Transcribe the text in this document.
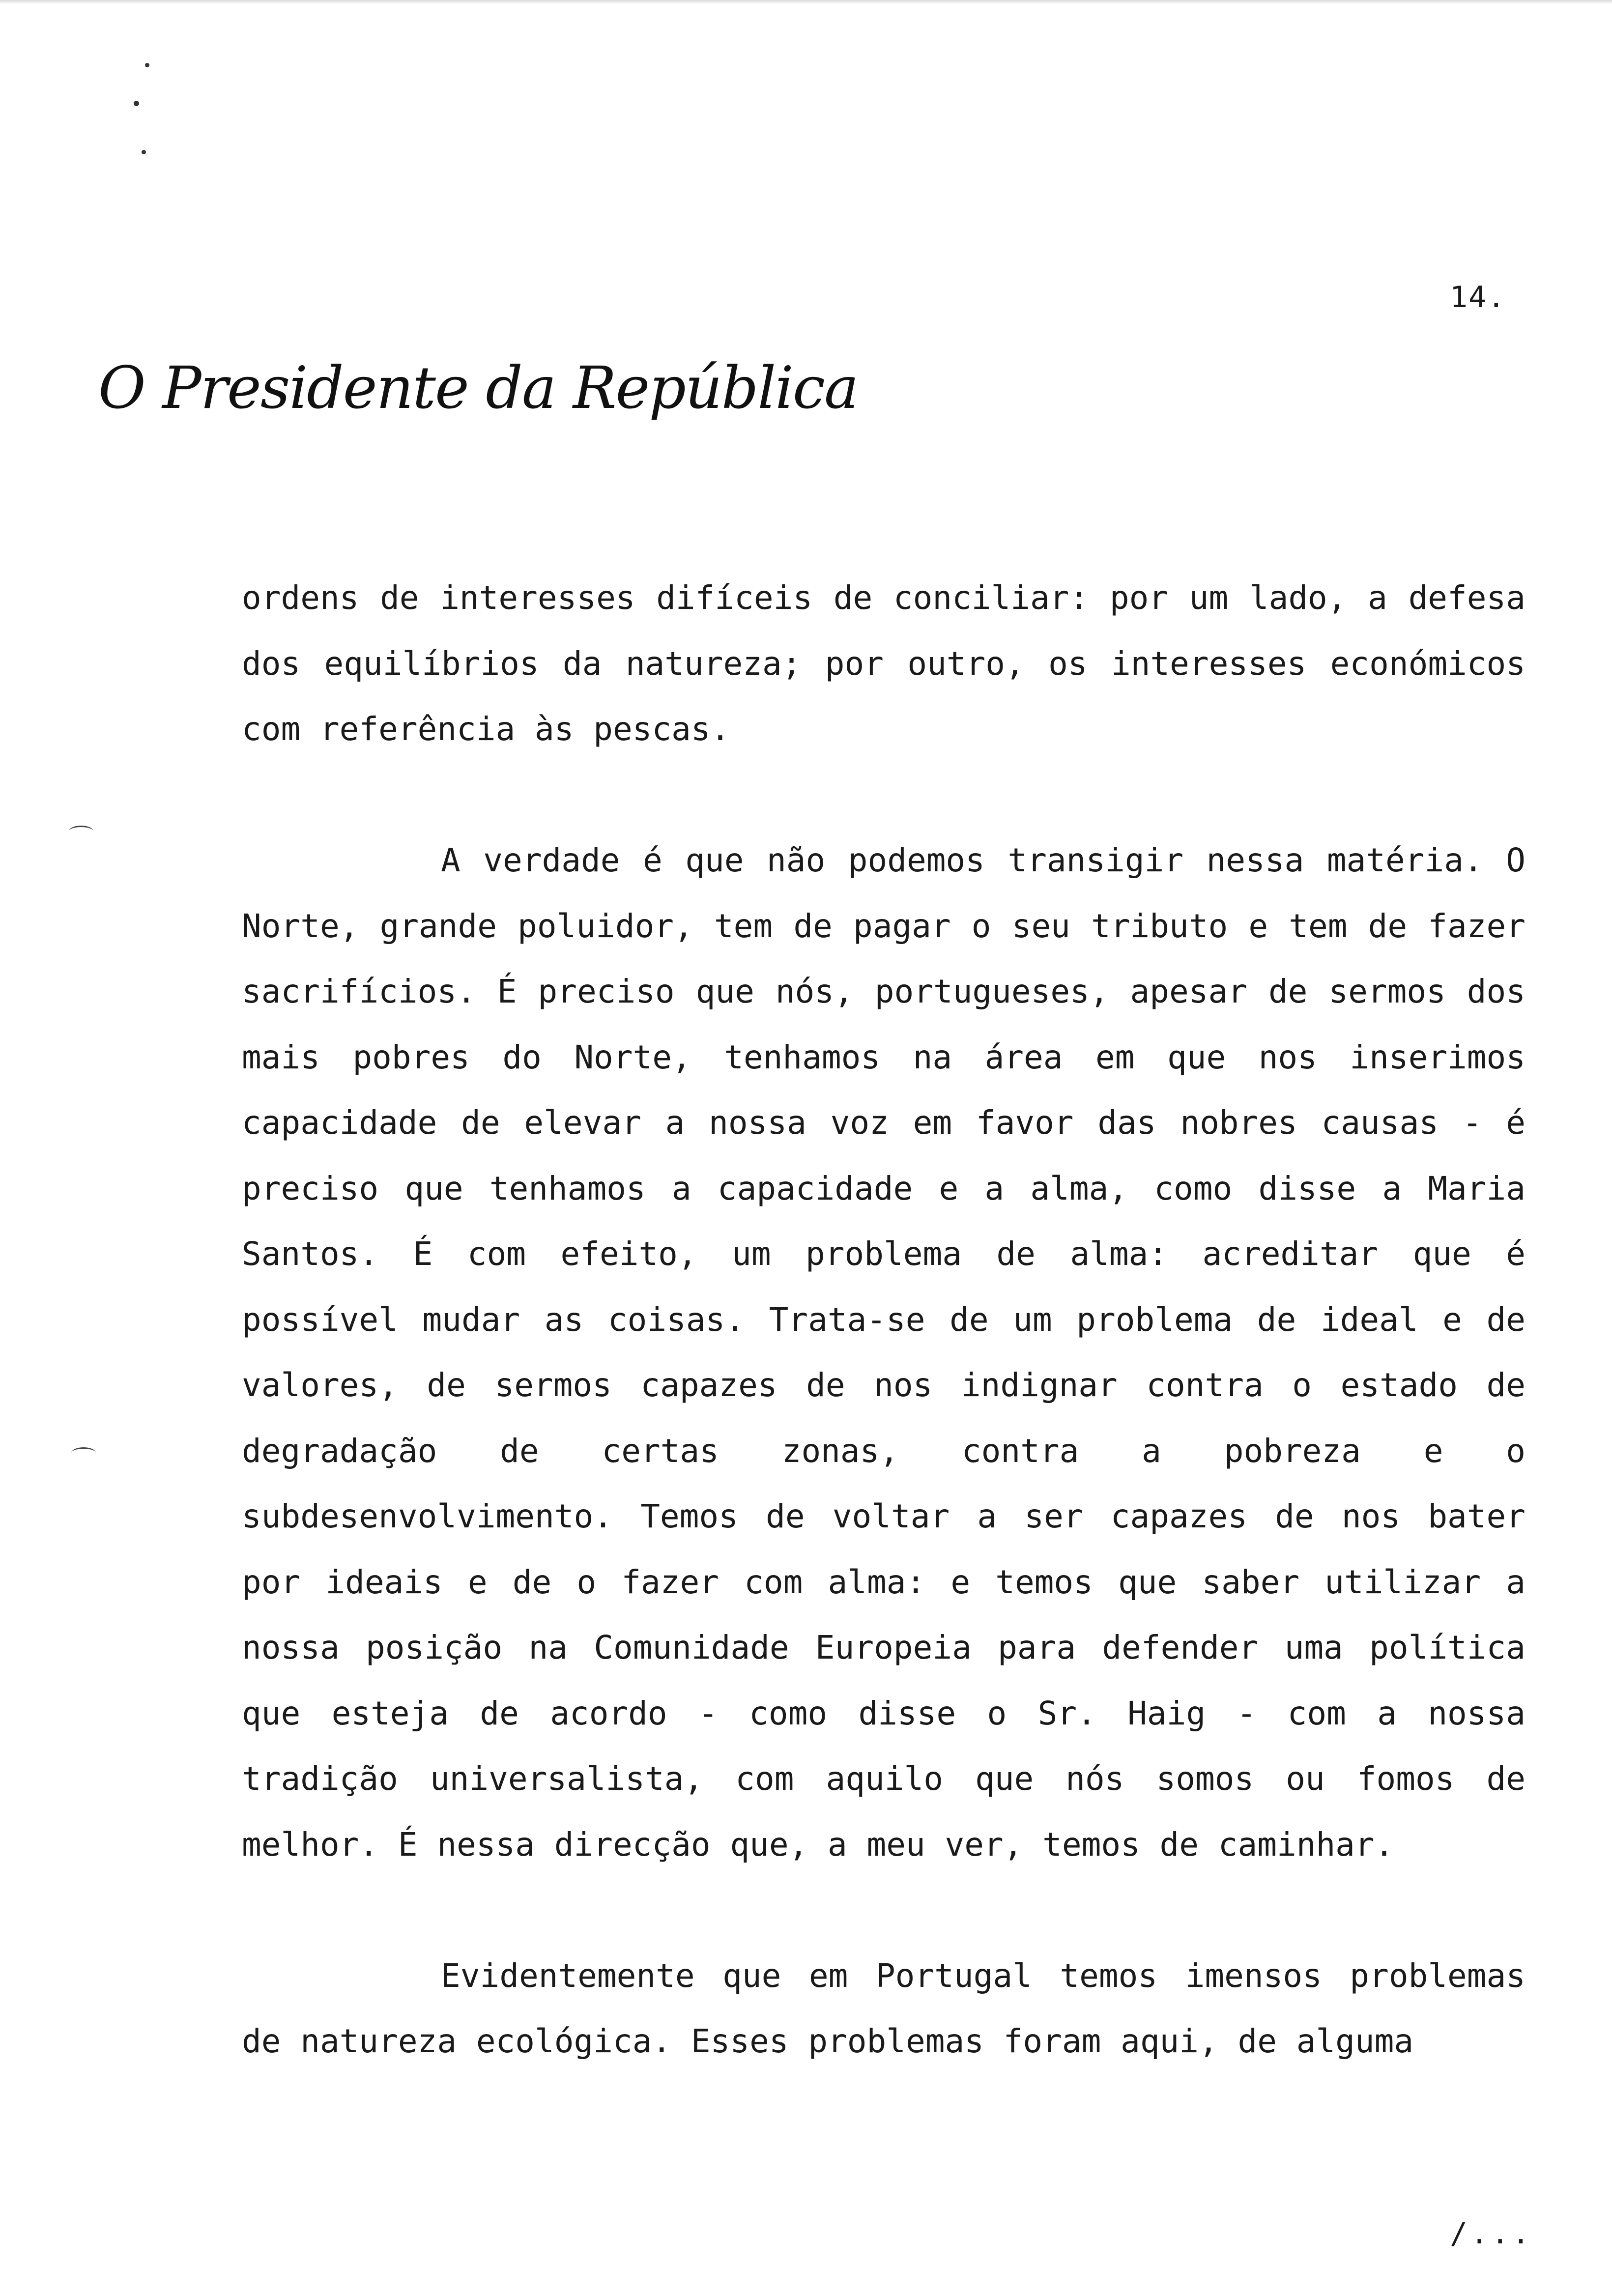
14.
O Presidente da República

ordens de interesses difíceis de conciliar: por um lado, a defesa dos equilíbrios da natureza; por outro, os interesses económicos com referência às pescas.

A verdade é que não podemos transigir nessa matéria. O Norte, grande poluidor, tem de pagar o seu tributo e tem de fazer sacrifícios. É preciso que nós, portugueses, apesar de sermos dos mais pobres do Norte, tenhamos na área em que nos inserimos capacidade de elevar a nossa voz em favor das nobres causas - é preciso que tenhamos a capacidade e a alma, como disse a Maria Santos. É com efeito, um problema de alma: acreditar que é possível mudar as coisas. Trata-se de um problema de ideal e de valores, de sermos capazes de nos indignar contra o estado de degradação de certas zonas, contra a pobreza e o subdesenvolvimento. Temos de voltar a ser capazes de nos bater por ideais e de o fazer com alma: e temos que saber utilizar a nossa posição na Comunidade Europeia para defender uma política que esteja de acordo - como disse o Sr. Haig - com a nossa tradição universalista, com aquilo que nós somos ou fomos de melhor. É nessa direcção que, a meu ver, temos de caminhar.

Evidentemente que em Portugal temos imensos problemas de natureza ecológica. Esses problemas foram aqui, de alguma

/...
